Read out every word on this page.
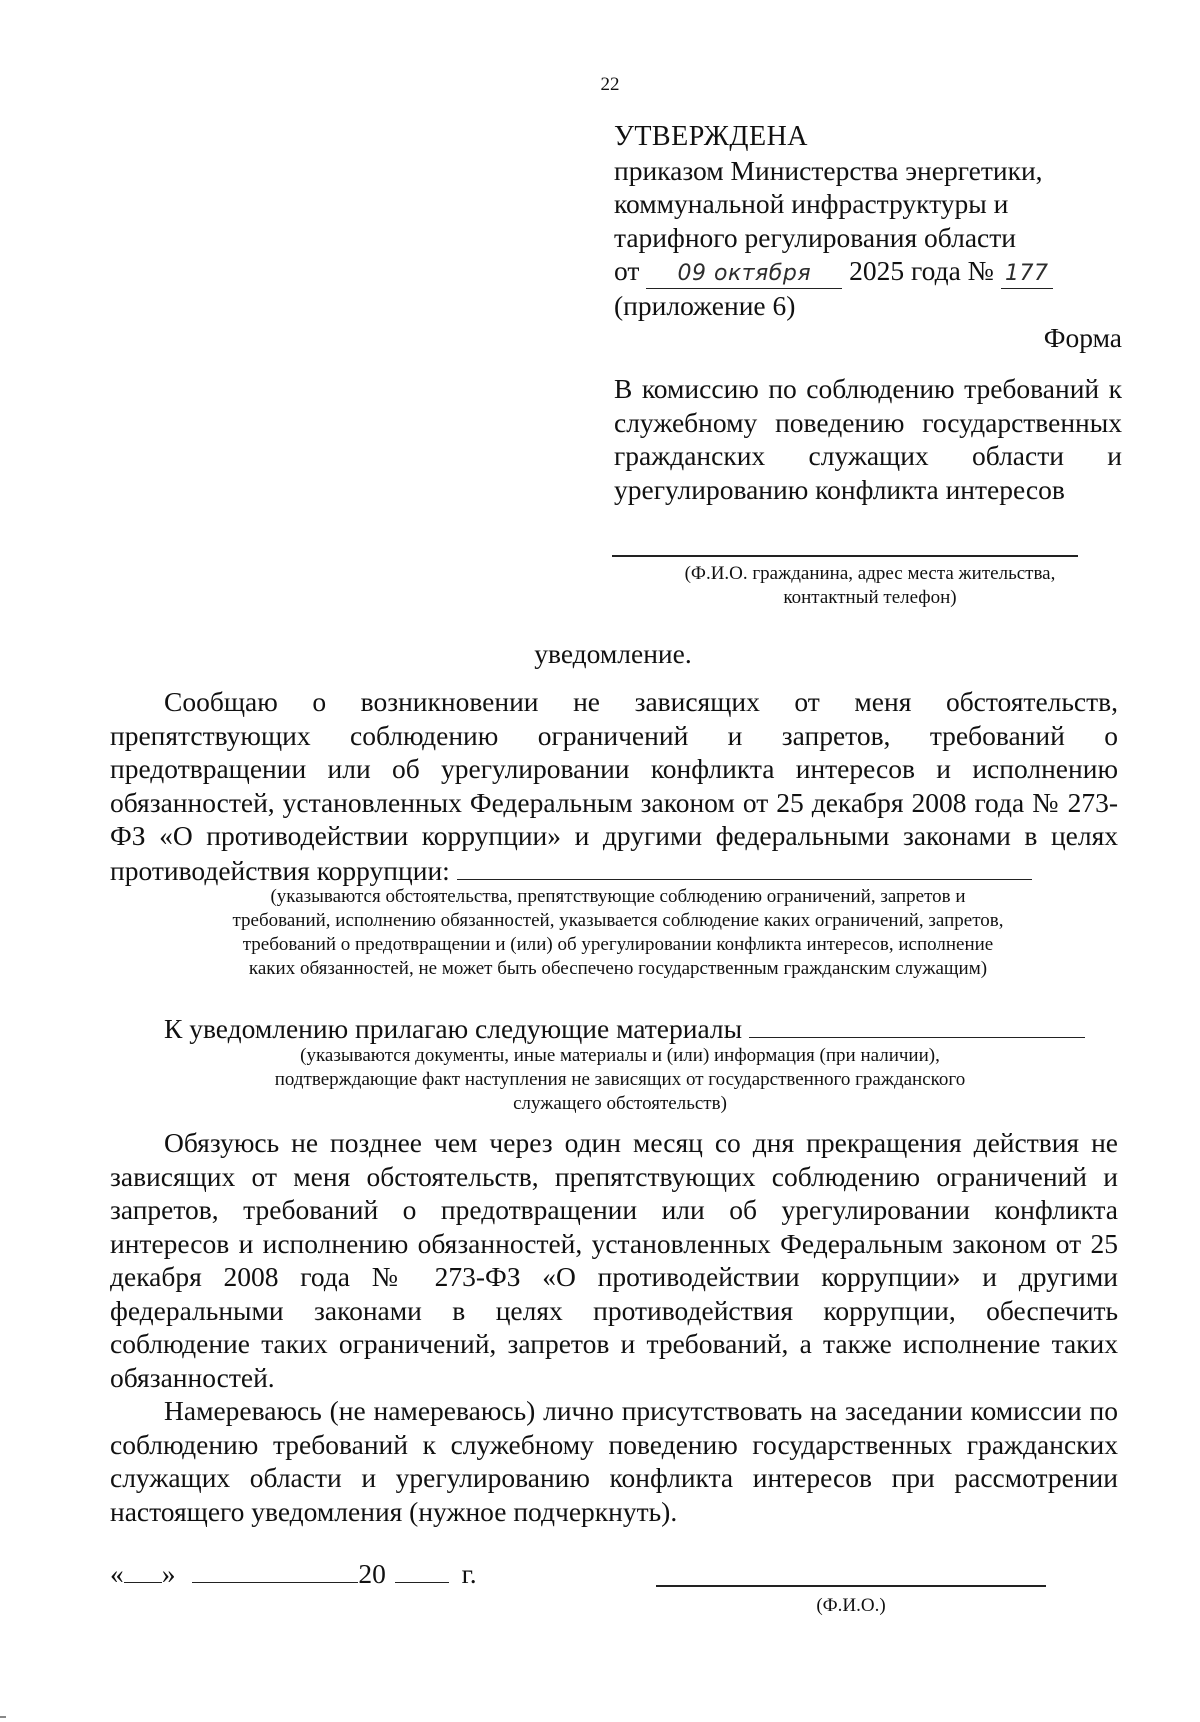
22
УТВЕРЖДЕНА
приказом Министерства энергетики,
коммунальной инфраструктуры и
тарифного регулирования области
от 09 октября 2025 года № 177
(приложение 6)
Форма
В комиссию по соблюдению требований к служебному поведению государственных гражданских служащих области и урегулированию конфликта интересов
(Ф.И.О. гражданина, адрес места жительства,
контактный телефон)
уведомление.
Сообщаю о возникновении не зависящих от меня обстоятельств, препятствующих соблюдению ограничений и запретов, требований о предотвращении или об урегулировании конфликта интересов и исполнению обязанностей, установленных Федеральным законом от 25 декабря 2008 года № 273-ФЗ «О противодействии коррупции» и другими федеральными законами в целях противодействия коррупции:
(указываются обстоятельства, препятствующие соблюдению ограничений, запретов и
требований, исполнению обязанностей, указывается соблюдение каких ограничений, запретов,
требований о предотвращении и (или) об урегулировании конфликта интересов, исполнение
каких обязанностей, не может быть обеспечено государственным гражданским служащим)
К уведомлению прилагаю следующие материалы
(указываются документы, иные материалы и (или) информация (при наличии),
подтверждающие факт наступления не зависящих от государственного гражданского
служащего обстоятельств)
Обязуюсь не позднее чем через один месяц со дня прекращения действия не зависящих от меня обстоятельств, препятствующих соблюдению ограничений и запретов, требований о предотвращении или об урегулировании конфликта интересов и исполнению обязанностей, установленных Федеральным законом от 25 декабря 2008 года № 273-ФЗ «О противодействии коррупции» и другими федеральными законами в целях противодействия коррупции, обеспечить соблюдение таких ограничений, запретов и требований, а также исполнение таких обязанностей.
Намереваюсь (не намереваюсь) лично присутствовать на заседании комиссии по соблюдению требований к служебному поведению государственных гражданских служащих области и урегулированию конфликта интересов при рассмотрении настоящего уведомления (нужное подчеркнуть).
« »	20	г.
(Ф.И.О.)
